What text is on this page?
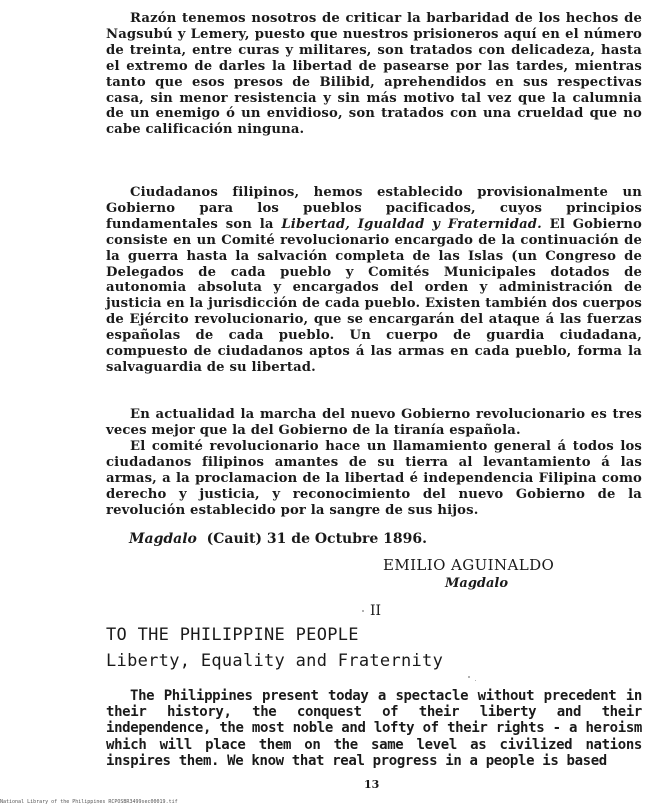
Razón tenemos nosotros de criticar la barbaridad de los hechos de Nagsubú y Lemery, puesto que nuestros prisioneros aquí en el número de treinta, entre curas y militares, son tratados con delicadeza, hasta el extremo de darles la libertad de pasearse por las tardes, mientras tanto que esos presos de Bilibid, aprehendidos en sus respectivas casa, sin menor resistencia y sin más motivo tal vez que la calumnia de un enemigo ó un envidioso, son tratados con una crueldad que no cabe calificación ninguna.

Ciudadanos filipinos, hemos establecido provisionalmente un Gobierno para los pueblos pacificados, cuyos principios fundamentales son la Libertad, Igualdad y Fraternidad. El Gobierno consiste en un Comité revolucionario encargado de la continuación de la guerra hasta la salvación completa de las Islas (un Congreso de Delegados de cada pueblo y Comités Municipales dotados de autonomia absoluta y encargados del orden y administración de justicia en la jurisdicción de cada pueblo. Existen también dos cuerpos de Ejército revolucionario, que se encargarán del ataque á las fuerzas españolas de cada pueblo. Un cuerpo de guardia ciudadana, compuesto de ciudadanos aptos á las armas en cada pueblo, forma la salvaguardia de su libertad.

En actualidad la marcha del nuevo Gobierno revolucionario es tres veces mejor que la del Gobierno de la tiranía española.

El comité revolucionario hace un llamamiento general á todos los ciudadanos filipinos amantes de su tierra al levantamiento á las armas, a la proclamacion de la libertad é independencia Filipina como derecho y justicia, y reconocimiento del nuevo Gobierno de la revolución establecido por la sangre de sus hijos.

Magdalo (Cauit) 31 de Octubre 1896.
EMILIO AGUINALDO
Magdalo
II
TO THE PHILIPPINE PEOPLE
Liberty, Equality and Fraternity

The Philippines present today a spectacle without precedent in their history, the conquest of their liberty and their independence, the most noble and lofty of their rights - a heroism which will place them on the same level as civilized nations inspires them. We know that real progress in a people is based

13
National Library of the Philippines RCPOSBR3499sec00019.tif
